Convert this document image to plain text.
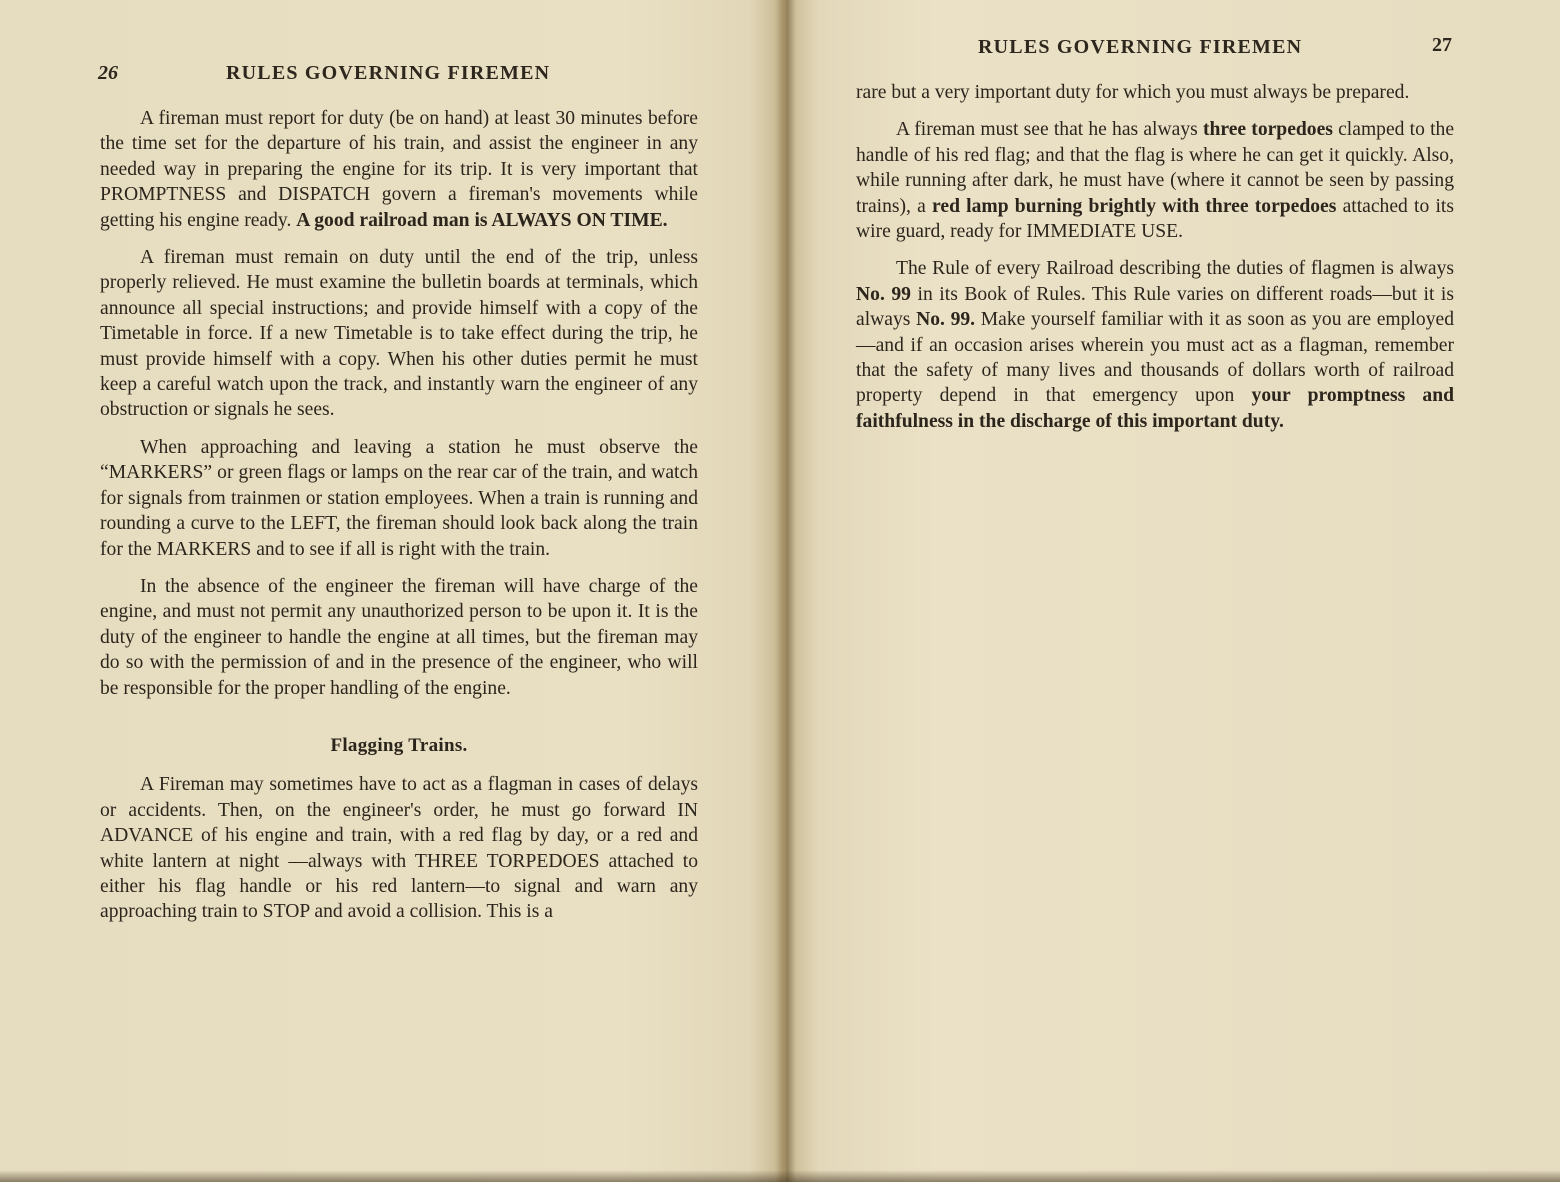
26	RULES GOVERNING FIREMEN

A fireman must report for duty (be on hand) at least 30 minutes before the time set for the departure of his train, and assist the engineer in any needed way in preparing the engine for its trip. It is very important that PROMPTNESS and DISPATCH govern a fireman's movements while getting his engine ready. A good railroad man is ALWAYS ON TIME.

A fireman must remain on duty until the end of the trip, unless properly relieved. He must examine the bulletin boards at terminals, which announce all special instructions; and provide himself with a copy of the Timetable in force. If a new Timetable is to take effect during the trip, he must provide himself with a copy. When his other duties permit he must keep a careful watch upon the track, and instantly warn the engineer of any obstruction or signals he sees.

When approaching and leaving a station he must observe the “MARKERS” or green flags or lamps on the rear car of the train, and watch for signals from trainmen or station employees. When a train is running and rounding a curve to the LEFT, the fireman should look back along the train for the MARKERS and to see if all is right with the train.

In the absence of the engineer the fireman will have charge of the engine, and must not permit any unauthorized person to be upon it. It is the duty of the engineer to handle the engine at all times, but the fireman may do so with the permission of and in the presence of the engineer, who will be responsible for the proper handling of the engine.

Flagging Trains.

A Fireman may sometimes have to act as a flagman in cases of delays or accidents. Then, on the engineer's order, he must go forward IN ADVANCE of his engine and train, with a red flag by day, or a red and white lantern at night —always with THREE TORPEDOES attached to either his flag handle or his red lantern—to signal and warn any approaching train to STOP and avoid a collision. This is a

RULES GOVERNING FIREMEN	27

rare but a very important duty for which you must always be prepared.

A fireman must see that he has always three torpedoes clamped to the handle of his red flag; and that the flag is where he can get it quickly. Also, while running after dark, he must have (where it cannot be seen by passing trains), a red lamp burning brightly with three torpedoes attached to its wire guard, ready for IMMEDIATE USE.

The Rule of every Railroad describing the duties of flagmen is always No. 99 in its Book of Rules. This Rule varies on different roads—but it is always No. 99. Make yourself familiar with it as soon as you are employed—and if an occasion arises wherein you must act as a flagman, remember that the safety of many lives and thousands of dollars worth of railroad property depend in that emergency upon your promptness and faithfulness in the discharge of this important duty.
